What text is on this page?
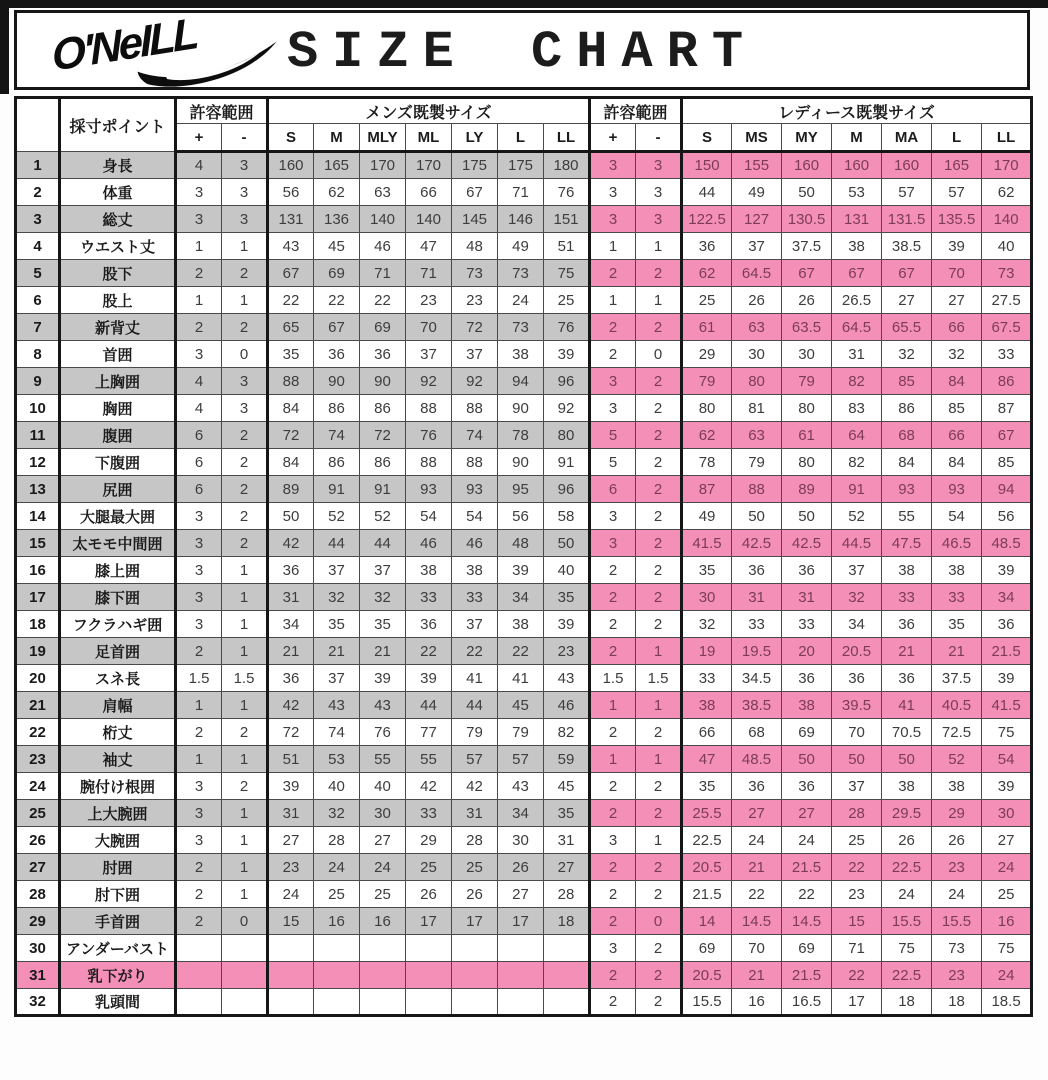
O'NeILL	SIZE CHART
	採寸ポイント	許容範囲		メンズ既製サイズ							許容範囲		レディース既製サイズ						
		+	-	S	M	MLY	ML	LY	L	LL	+	-	S	MS	MY	M	MA	L	LL
1	身長	4	3	160	165	170	170	175	175	180	3	3	150	155	160	160	160	165	170
2	体重	3	3	56	62	63	66	67	71	76	3	3	44	49	50	53	57	57	62
3	総丈	3	3	131	136	140	140	145	146	151	3	3	122.5	127	130.5	131	131.5	135.5	140
4	ウエスト丈	1	1	43	45	46	47	48	49	51	1	1	36	37	37.5	38	38.5	39	40
5	股下	2	2	67	69	71	71	73	73	75	2	2	62	64.5	67	67	67	70	73
6	股上	1	1	22	22	22	23	23	24	25	1	1	25	26	26	26.5	27	27	27.5
7	新背丈	2	2	65	67	69	70	72	73	76	2	2	61	63	63.5	64.5	65.5	66	67.5
8	首囲	3	0	35	36	36	37	37	38	39	2	0	29	30	30	31	32	32	33
9	上胸囲	4	3	88	90	90	92	92	94	96	3	2	79	80	79	82	85	84	86
10	胸囲	4	3	84	86	86	88	88	90	92	3	2	80	81	80	83	86	85	87
11	腹囲	6	2	72	74	72	76	74	78	80	5	2	62	63	61	64	68	66	67
12	下腹囲	6	2	84	86	86	88	88	90	91	5	2	78	79	80	82	84	84	85
13	尻囲	6	2	89	91	91	93	93	95	96	6	2	87	88	89	91	93	93	94
14	大腿最大囲	3	2	50	52	52	54	54	56	58	3	2	49	50	50	52	55	54	56
15	太モモ中間囲	3	2	42	44	44	46	46	48	50	3	2	41.5	42.5	42.5	44.5	47.5	46.5	48.5
16	膝上囲	3	1	36	37	37	38	38	39	40	2	2	35	36	36	37	38	38	39
17	膝下囲	3	1	31	32	32	33	33	34	35	2	2	30	31	31	32	33	33	34
18	フクラハギ囲	3	1	34	35	35	36	37	38	39	2	2	32	33	33	34	36	35	36
19	足首囲	2	1	21	21	21	22	22	22	23	2	1	19	19.5	20	20.5	21	21	21.5
20	スネ長	1.5	1.5	36	37	39	39	41	41	43	1.5	1.5	33	34.5	36	36	36	37.5	39
21	肩幅	1	1	42	43	43	44	44	45	46	1	1	38	38.5	38	39.5	41	40.5	41.5
22	桁丈	2	2	72	74	76	77	79	79	82	2	2	66	68	69	70	70.5	72.5	75
23	袖丈	1	1	51	53	55	55	57	57	59	1	1	47	48.5	50	50	50	52	54
24	腕付け根囲	3	2	39	40	40	42	42	43	45	2	2	35	36	36	37	38	38	39
25	上大腕囲	3	1	31	32	30	33	31	34	35	2	2	25.5	27	27	28	29.5	29	30
26	大腕囲	3	1	27	28	27	29	28	30	31	3	1	22.5	24	24	25	26	26	27
27	肘囲	2	1	23	24	24	25	25	26	27	2	2	20.5	21	21.5	22	22.5	23	24
28	肘下囲	2	1	24	25	25	26	26	27	28	2	2	21.5	22	22	23	24	24	25
29	手首囲	2	0	15	16	16	17	17	17	18	2	0	14	14.5	14.5	15	15.5	15.5	16
30	アンダーバスト										3	2	69	70	69	71	75	73	75
31	乳下がり										2	2	20.5	21	21.5	22	22.5	23	24
32	乳頭間										2	2	15.5	16	16.5	17	18	18	18.5
